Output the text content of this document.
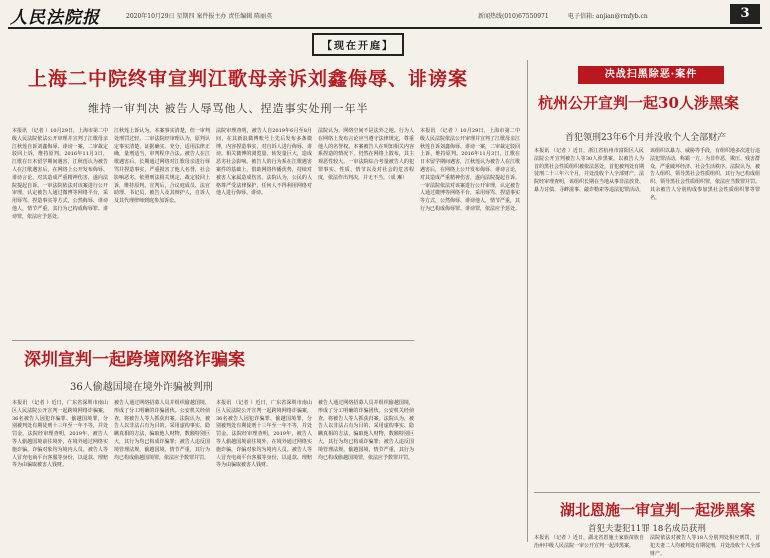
人民法院报	2020年10月29日 星期四 案件报主办 责任编辑 陈丽英	新闻热线(010)67550971	电子信箱: anjian@rmfyb.cn	3
【现在开庭】
上海二中院终审宣判江歌母亲诉刘鑫侮辱、诽谤案
维持一审判决 被告人辱骂他人、捏造事实处刑一年半
本报讯 （记者 ）10月29日，上海市第二中级人民法院依法公开审理并宣判了江歌母亲江秋莲自诉刘鑫侮辱、诽谤一案，二审裁定驳回上诉，维持原判。2016年11月3日，江歌在日本留学期间遇害，江秋莲认为被告人在江歌遇害后，在网络上公开发布侮辱、诽谤言论，对其造成严重精神伤害，遂向法院提起自诉。一审法院依法对该案进行公开审理，认定被告人通过微博等网络平台，采用辱骂、捏造事实等方式，公然侮辱、诽谤他人，情节严重，其行为已构成侮辱罪、诽谤罪，依法应予惩处。
江秋莲上诉认为，本案事实清楚，但一审判处刑罚过轻。二审法院经审理认为，原判认定事实清楚，证据确实、充分，适用法律正确，量刑适当，审判程序合法。被告人在江歌遇害后，长期通过网络对江歌母亲进行辱骂并捏造事实，严重损害了他人名誉，社会影响恶劣。依照刑法相关规定，裁定驳回上诉，维持原判。宣判后，合议庭成员、法官助理、书记员，被告人及其辩护人，自诉人及其代理律师到庭参加诉讼。
法院审理查明，被告人自2019年6月至8月间，在其新浪微博账号上先后发布多条微博，内容捏造事实，对自诉人进行侮辱、诽谤。相关微博的浏览量、转发量巨大，造成恶劣社会影响。被告人的行为系在江歌遇害案件的基础上，借助网络传播优势，持续对被害人家属造成伤害。法院认为，公民的人格尊严受法律保护，任何人不得利用网络对他人进行侮辱、诽谤。
法院认为，网络空间不是法外之地。行为人在网络上发布言论应当遵守法律规定，尊重他人的名誉权。本案被告人在明知相关内容系捏造的情况下，仍然在网络上散布，其主观恶性较大。一审法院综合考量被告人的犯罪事实、性质、情节以及对社会的危害程度，依法作出判决，并无不当。（成 琳）
本报讯 （记者 ）10月29日，上海市第二中级人民法院依法公开审理并宣判了江歌母亲江秋莲自诉刘鑫侮辱、诽谤一案，二审裁定驳回上诉，维持原判。2016年11月3日，江歌在日本留学期间遇害，江秋莲认为被告人在江歌遇害后，在网络上公开发布侮辱、诽谤言论，对其造成严重精神伤害，遂向法院提起自诉。一审法院依法对该案进行公开审理，认定被告人通过微博等网络平台，采用辱骂、捏造事实等方式，公然侮辱、诽谤他人，情节严重，其行为已构成侮辱罪、诽谤罪，依法应予惩处。
深圳宣判一起跨境网络诈骗案
36人偷越国境在境外诈骗被判刑
本报讯 （记者 ）近日，广东省深圳市南山区人民法院公开宣判一起跨境网络诈骗案，36名被告人因犯诈骗罪、偷越国境罪，分别被判处有期徒刑十三年至一年不等，并处罚金。法院经审理查明，2019年，被告人等人偷越国境前往境外，在境外通过网络实施诈骗，诈骗对象均为境内人员。被告人等人冒充电商平台客服等身份，以退款、理赔等为由骗取被害人钱财。
被告人通过网络招募人员并组织偷越国境，形成了分工明确的诈骗团伙。公安机关经侦查，将被告人等人抓获归案。法院认为，被告人以非法占有为目的，采用虚构事实、隐瞒真相的方法，骗取他人财物，数额特别巨大，其行为均已构成诈骗罪；被告人违反国境管理法规，偷越国境，情节严重，其行为均已构成偷越国境罪，依法应予数罪并罚。
本报讯 （记者 ）近日，广东省深圳市南山区人民法院公开宣判一起跨境网络诈骗案，36名被告人因犯诈骗罪、偷越国境罪，分别被判处有期徒刑十三年至一年不等，并处罚金。法院经审理查明，2019年，被告人等人偷越国境前往境外，在境外通过网络实施诈骗，诈骗对象均为境内人员。被告人等人冒充电商平台客服等身份，以退款、理赔等为由骗取被害人钱财。
被告人通过网络招募人员并组织偷越国境，形成了分工明确的诈骗团伙。公安机关经侦查，将被告人等人抓获归案。法院认为，被告人以非法占有为目的，采用虚构事实、隐瞒真相的方法，骗取他人财物，数额特别巨大，其行为均已构成诈骗罪；被告人违反国境管理法规，偷越国境，情节严重，其行为均已构成偷越国境罪，依法应予数罪并罚。
决战扫黑除恶·案件
杭州公开宣判一起30人涉黑案
首犯领刑23年6个月并没收个人全部财产
本报讯 （记者 ）近日，浙江省杭州市富阳区人民法院公开宣判被告人等30人涉黑案。以被告人为首的黑社会性质组织被依法惩处，首犯被判处有期徒刑二十三年六个月，并处没收个人全部财产。法院经审理查明，该组织长期在当地从事非法放贷、暴力讨债、寻衅滋事、敲诈勒索等违法犯罪活动。
该组织以暴力、威胁等手段，有组织地多次进行违法犯罪活动，称霸一方，为非作恶，欺压、残害群众，严重破坏经济、社会生活秩序。法院认为，被告人组织、领导黑社会性质组织，其行为已构成组织、领导黑社会性质组织罪，依法应当数罪并罚。其余被告人分别构成参加黑社会性质组织罪等罪名。
湖北恩施一审宣判一起涉黑案
首犯夫妻犯11罪 18名成员获刑
本报讯 （记者 ）近日，湖北省恩施土家族苗族自治州中级人民法院一审公开宣判一起涉黑案。
法院依法对被告人等18人分别判处相应刑罚，首犯夫妻二人均被判处有期徒刑，并处没收个人全部财产。
